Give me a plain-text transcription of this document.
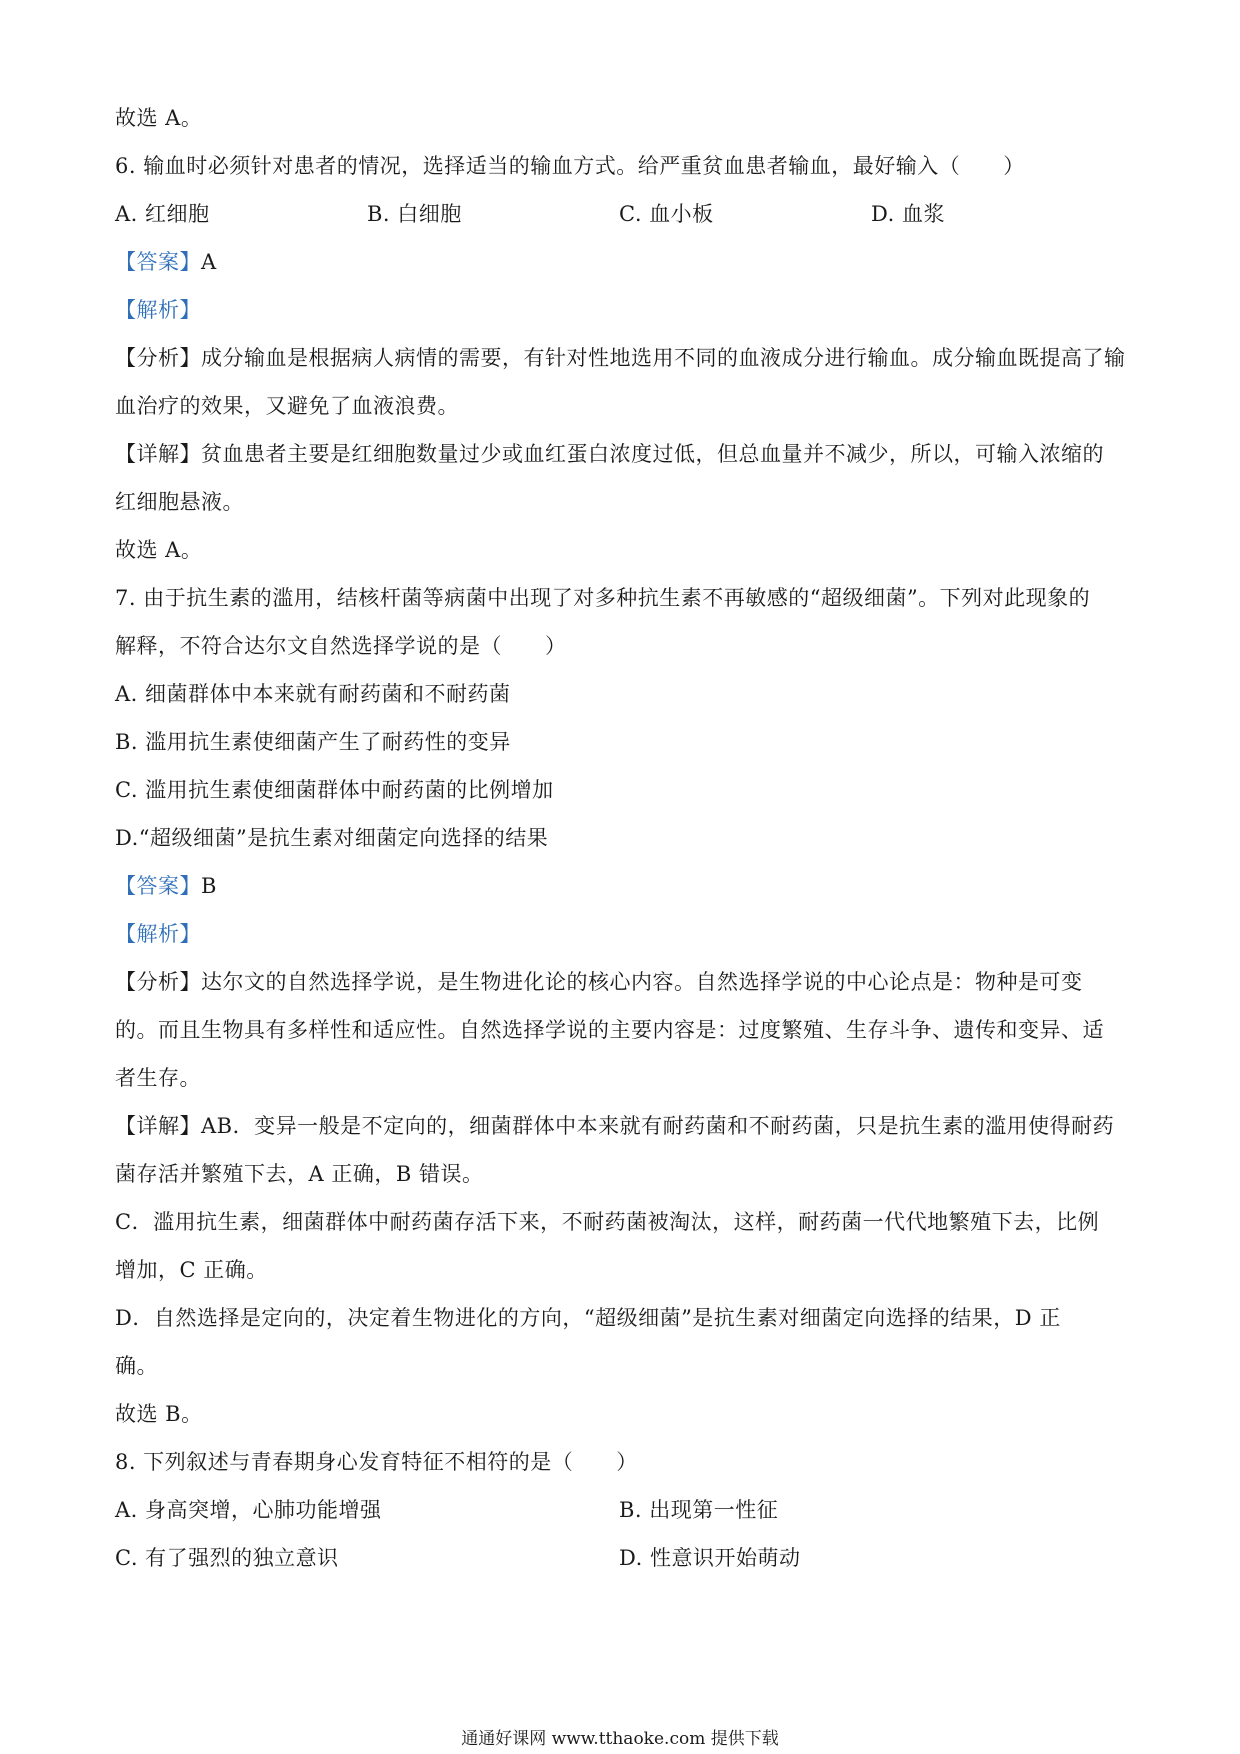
故选 A。
6. 输血时必须针对患者的情况，选择适当的输血方式。给严重贫血患者输血，最好输入（　　）
A. 红细胞	B. 白细胞	C. 血小板	D. 血浆
【答案】A
【解析】
【分析】成分输血是根据病人病情的需要，有针对性地选用不同的血液成分进行输血。成分输血既提高了输
血治疗的效果，又避免了血液浪费。
【详解】贫血患者主要是红细胞数量过少或血红蛋白浓度过低，但总血量并不减少，所以，可输入浓缩的
红细胞悬液。
故选 A。
7. 由于抗生素的滥用，结核杆菌等病菌中出现了对多种抗生素不再敏感的“超级细菌”。下列对此现象的
解释，不符合达尔文自然选择学说的是（　　）
A. 细菌群体中本来就有耐药菌和不耐药菌
B. 滥用抗生素使细菌产生了耐药性的变异
C. 滥用抗生素使细菌群体中耐药菌的比例增加
D.“超级细菌”是抗生素对细菌定向选择的结果
【答案】B
【解析】
【分析】达尔文的自然选择学说，是生物进化论的核心内容。自然选择学说的中心论点是：物种是可变
的。而且生物具有多样性和适应性。自然选择学说的主要内容是：过度繁殖、生存斗争、遗传和变异、适
者生存。
【详解】AB．变异一般是不定向的，细菌群体中本来就有耐药菌和不耐药菌，只是抗生素的滥用使得耐药
菌存活并繁殖下去，A 正确，B 错误。
C．滥用抗生素，细菌群体中耐药菌存活下来，不耐药菌被淘汰，这样，耐药菌一代代地繁殖下去，比例
增加，C 正确。
D．自然选择是定向的，决定着生物进化的方向，“超级细菌”是抗生素对细菌定向选择的结果，D 正
确。
故选 B。
8. 下列叙述与青春期身心发育特征不相符的是（　　）
A. 身高突增，心肺功能增强	B. 出现第一性征
C. 有了强烈的独立意识	D. 性意识开始萌动
通通好课网 www.tthaoke.com 提供下载
